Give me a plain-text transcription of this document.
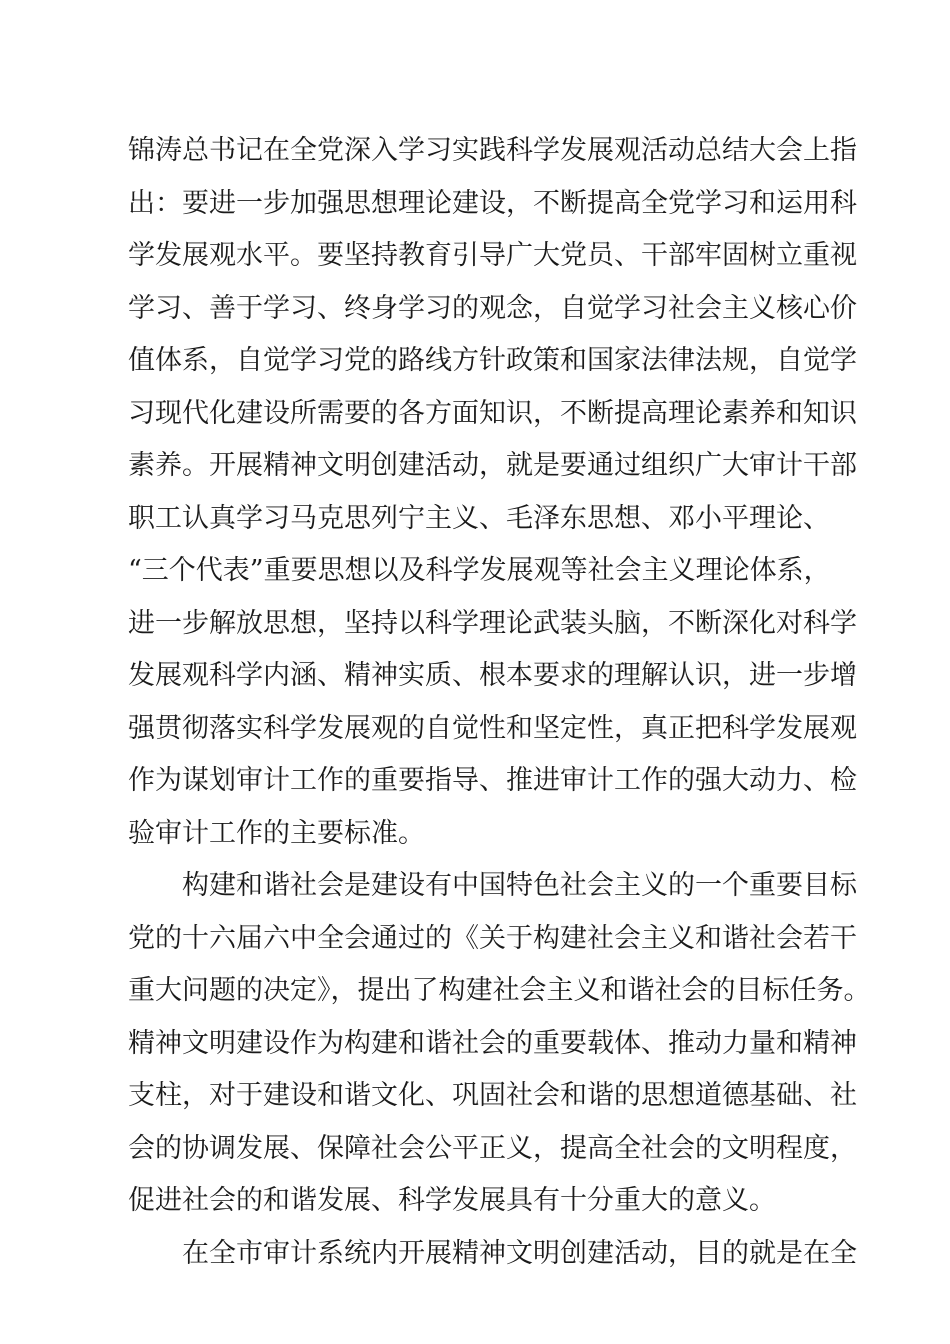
锦涛总书记在全党深入学习实践科学发展观活动总结大会上指
出：要进一步加强思想理论建设，不断提高全党学习和运用科
学发展观水平。要坚持教育引导广大党员、干部牢固树立重视
学习、善于学习、终身学习的观念，自觉学习社会主义核心价
值体系，自觉学习党的路线方针政策和国家法律法规，自觉学
习现代化建设所需要的各方面知识，不断提高理论素养和知识
素养。开展精神文明创建活动，就是要通过组织广大审计干部
职工认真学习马克思列宁主义、毛泽东思想、邓小平理论、
“三个代表”重要思想以及科学发展观等社会主义理论体系，
进一步解放思想，坚持以科学理论武装头脑，不断深化对科学
发展观科学内涵、精神实质、根本要求的理解认识，进一步增
强贯彻落实科学发展观的自觉性和坚定性，真正把科学发展观
作为谋划审计工作的重要指导、推进审计工作的强大动力、检
验审计工作的主要标准。
构建和谐社会是建设有中国特色社会主义的一个重要目标
党的十六届六中全会通过的《关于构建社会主义和谐社会若干
重大问题的决定》，提出了构建社会主义和谐社会的目标任务。
精神文明建设作为构建和谐社会的重要载体、推动力量和精神
支柱，对于建设和谐文化、巩固社会和谐的思想道德基础、社
会的协调发展、保障社会公平正义，提高全社会的文明程度，
促进社会的和谐发展、科学发展具有十分重大的意义。
在全市审计系统内开展精神文明创建活动，目的就是在全
